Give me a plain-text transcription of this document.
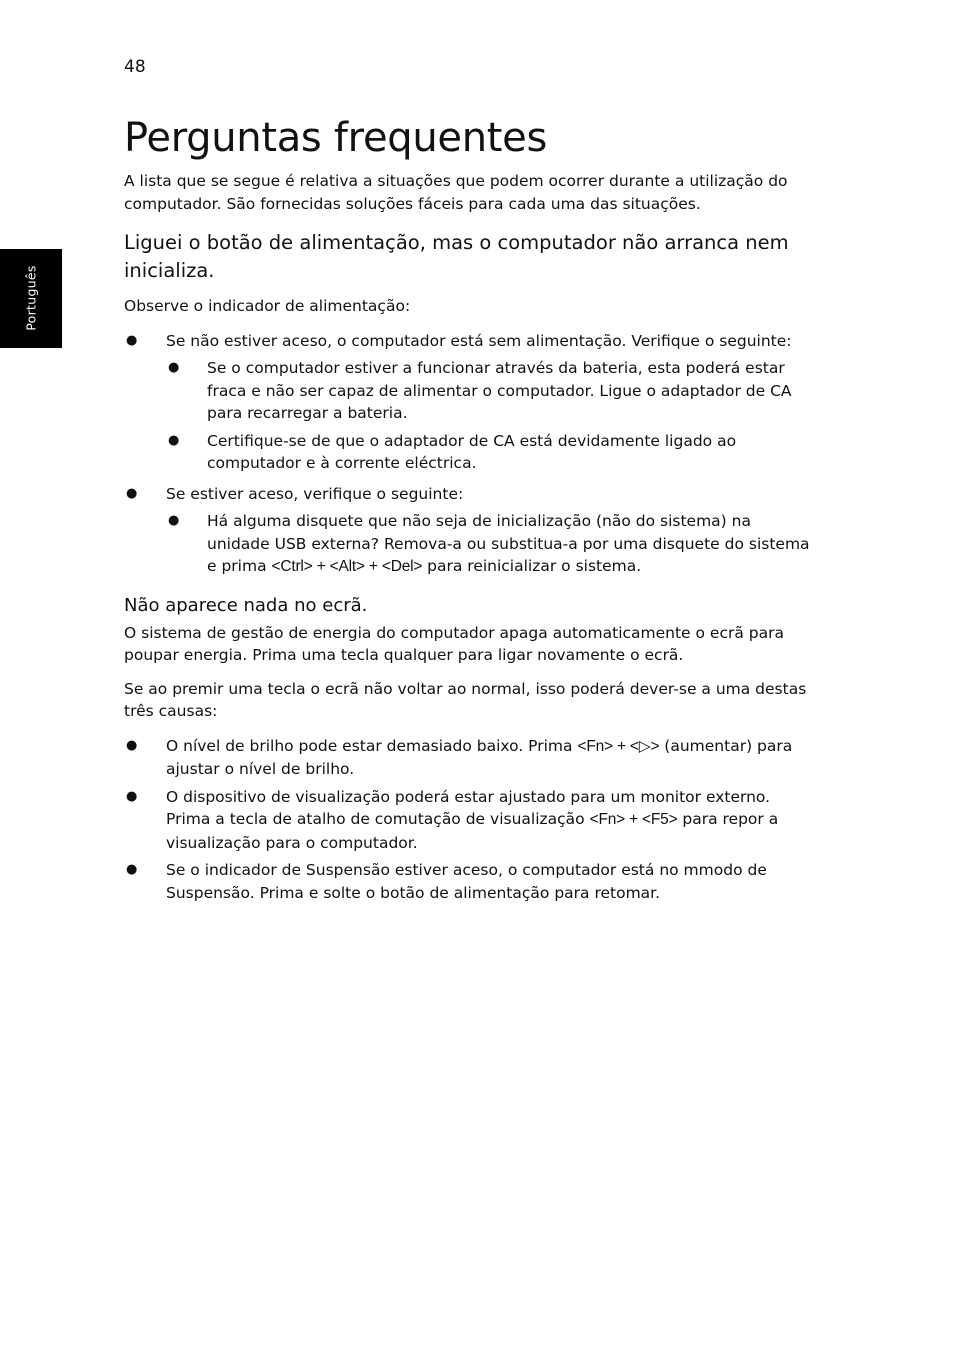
48
Português
Perguntas frequentes

A lista que se segue é relativa a situações que podem ocorrer durante a utilização do computador. São fornecidas soluções fáceis para cada uma das situações.

Liguei o botão de alimentação, mas o computador não arranca nem inicializa.

Observe o indicador de alimentação:

● Se não estiver aceso, o computador está sem alimentação. Verifique o seguinte:
● Se o computador estiver a funcionar através da bateria, esta poderá estar fraca e não ser capaz de alimentar o computador. Ligue o adaptador de CA para recarregar a bateria.
● Certifique-se de que o adaptador de CA está devidamente ligado ao computador e à corrente eléctrica.
● Se estiver aceso, verifique o seguinte:
● Há alguma disquete que não seja de inicialização (não do sistema) na unidade USB externa? Remova-a ou substitua-a por uma disquete do sistema e prima <Ctrl> + <Alt> + <Del> para reinicializar o sistema.
Não aparece nada no ecrã.

O sistema de gestão de energia do computador apaga automaticamente o ecrã para poupar energia. Prima uma tecla qualquer para ligar novamente o ecrã.

Se ao premir uma tecla o ecrã não voltar ao normal, isso poderá dever-se a uma destas três causas:

● O nível de brilho pode estar demasiado baixo. Prima <Fn> + <▷> (aumentar) para ajustar o nível de brilho.
● O dispositivo de visualização poderá estar ajustado para um monitor externo. Prima a tecla de atalho de comutação de visualização <Fn> + <F5> para repor a visualização para o computador.
● Se o indicador de Suspensão estiver aceso, o computador está no mmodo de Suspensão. Prima e solte o botão de alimentação para retomar.
